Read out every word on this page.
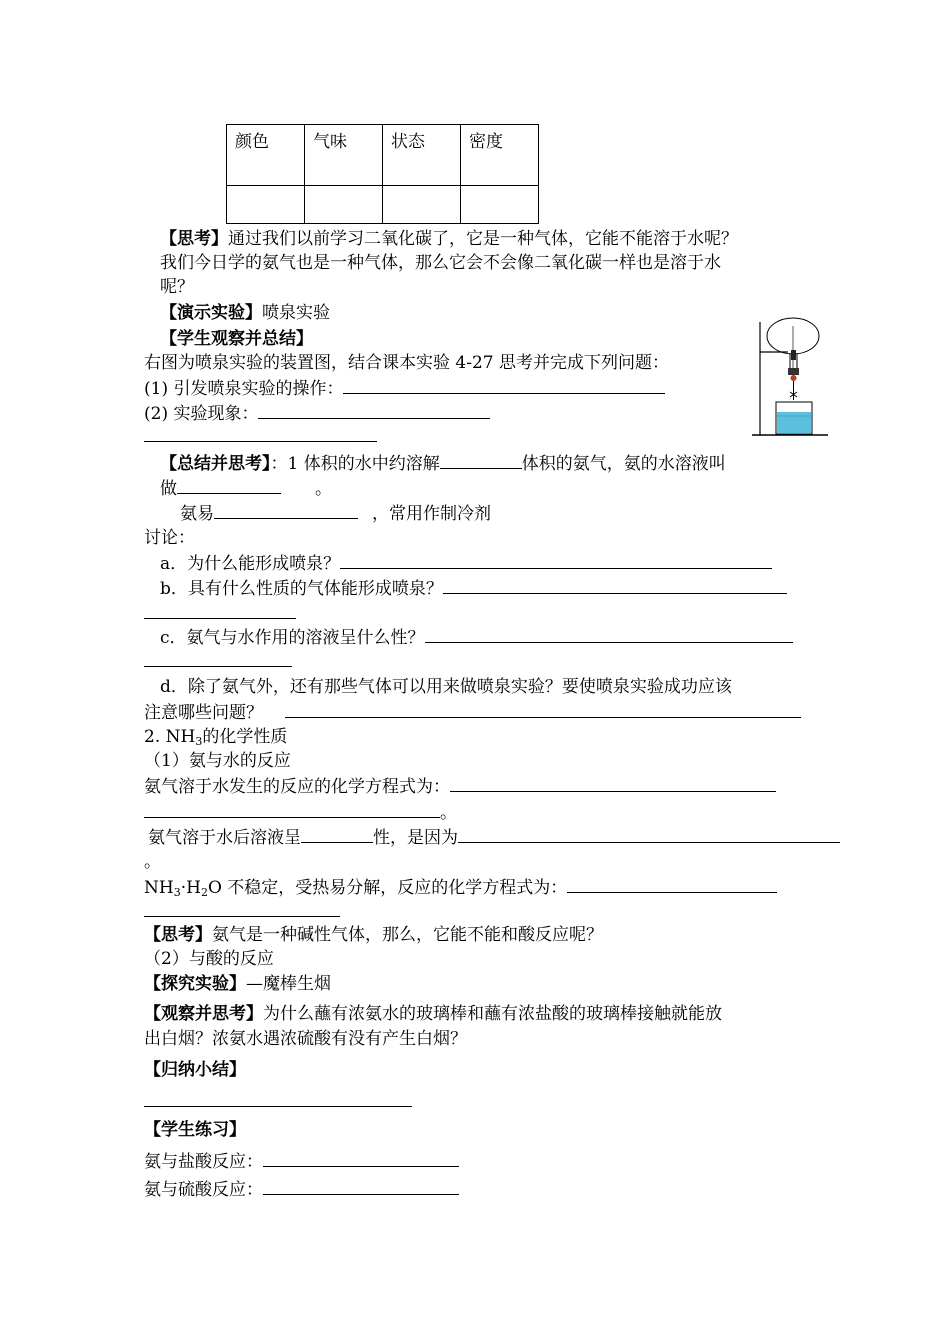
颜色	气味	状态	密度

【思考】通过我们以前学习二氧化碳了，它是一种气体，它能不能溶于水呢？
我们今日学的氨气也是一种气体，那么它会不会像二氧化碳一样也是溶于水
呢？
【演示实验】喷泉实验
【学生观察并总结】
右图为喷泉实验的装置图，结合课本实验 4-27 思考并完成下列问题：
(1) 引发喷泉实验的操作：
(2) 实验现象：
【总结并思考】：1 体积的水中约溶解	体积的氨气，氨的水溶液叫
做	。
氨易	，常用作制冷剂
讨论：
a．为什么能形成喷泉？
b．具有什么性质的气体能形成喷泉？
c．氨气与水作用的溶液呈什么性？
d．除了氨气外，还有那些气体可以用来做喷泉实验？要使喷泉实验成功应该
注意哪些问题？
2. $NH_3$的化学性质
（1）氨与水的反应
氨气溶于水发生的反应的化学方程式为：
。
氨气溶于水后溶液呈	性，是因为
。
$NH_3\cdot H_2O$ 不稳定，受热易分解，反应的化学方程式为：
【思考】氨气是一种碱性气体，那么，它能不能和酸反应呢？
（2）与酸的反应
【探究实验】—魔棒生烟
【观察并思考】为什么蘸有浓氨水的玻璃棒和蘸有浓盐酸的玻璃棒接触就能放
出白烟？浓氨水遇浓硫酸有没有产生白烟？
【归纳小结】
【学生练习】
氨与盐酸反应：
氨与硫酸反应：
